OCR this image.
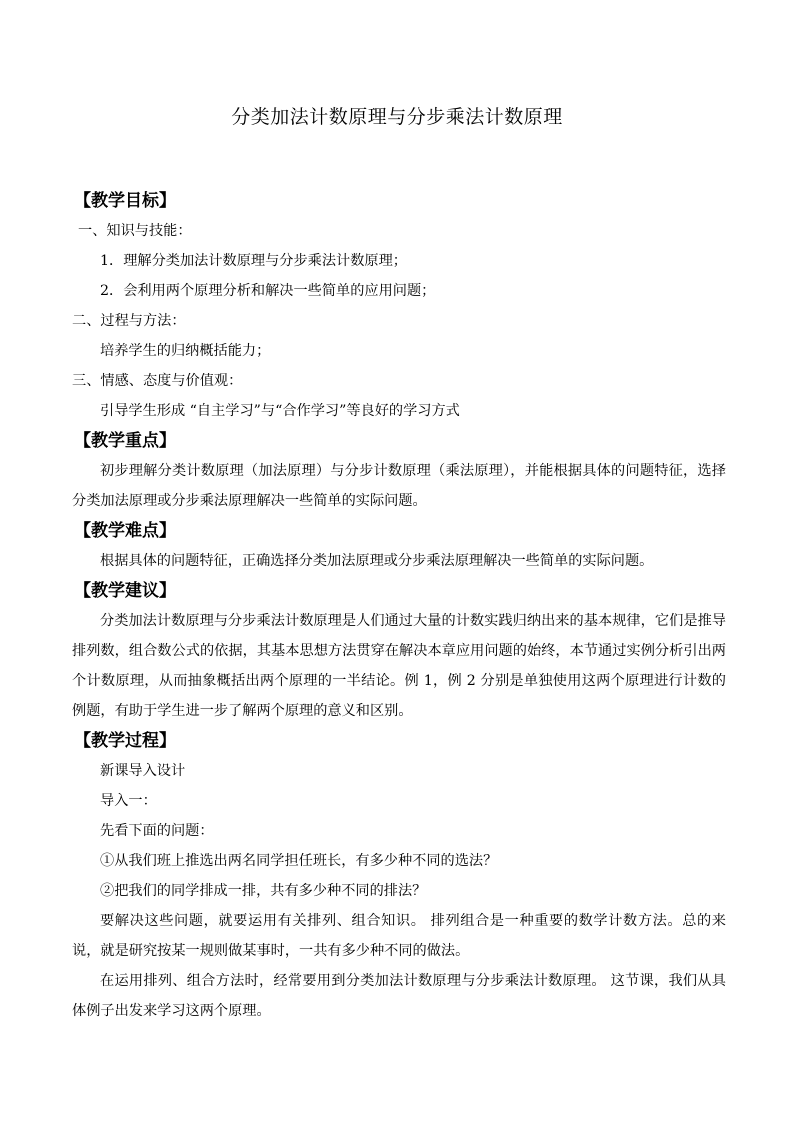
分类加法计数原理与分步乘法计数原理
【教学目标】
一、知识与技能：
1．理解分类加法计数原理与分步乘法计数原理；
2．会利用两个原理分析和解决一些简单的应用问题；
二、过程与方法：
培养学生的归纳概括能力；
三、情感、态度与价值观：
引导学生形成 “自主学习”与“合作学习”等良好的学习方式
【教学重点】
初步理解分类计数原理（加法原理）与分步计数原理（乘法原理），并能根据具体的问题特征，选择分类加法原理或分步乘法原理解决一些简单的实际问题。
【教学难点】
根据具体的问题特征，正确选择分类加法原理或分步乘法原理解决一些简单的实际问题。
【教学建议】
分类加法计数原理与分步乘法计数原理是人们通过大量的计数实践归纳出来的基本规律，它们是推导排列数，组合数公式的依据，其基本思想方法贯穿在解决本章应用问题的始终，本节通过实例分析引出两个计数原理，从而抽象概括出两个原理的一半结论。例 1，例 2 分别是单独使用这两个原理进行计数的例题，有助于学生进一步了解两个原理的意义和区别。
【教学过程】
新课导入设计
导入一：
先看下面的问题：
①从我们班上推选出两名同学担任班长，有多少种不同的选法？
②把我们的同学排成一排，共有多少种不同的排法？
要解决这些问题，就要运用有关排列、组合知识。 排列组合是一种重要的数学计数方法。总的来说，就是研究按某一规则做某事时，一共有多少种不同的做法。
在运用排列、组合方法时，经常要用到分类加法计数原理与分步乘法计数原理。 这节课，我们从具体例子出发来学习这两个原理。
